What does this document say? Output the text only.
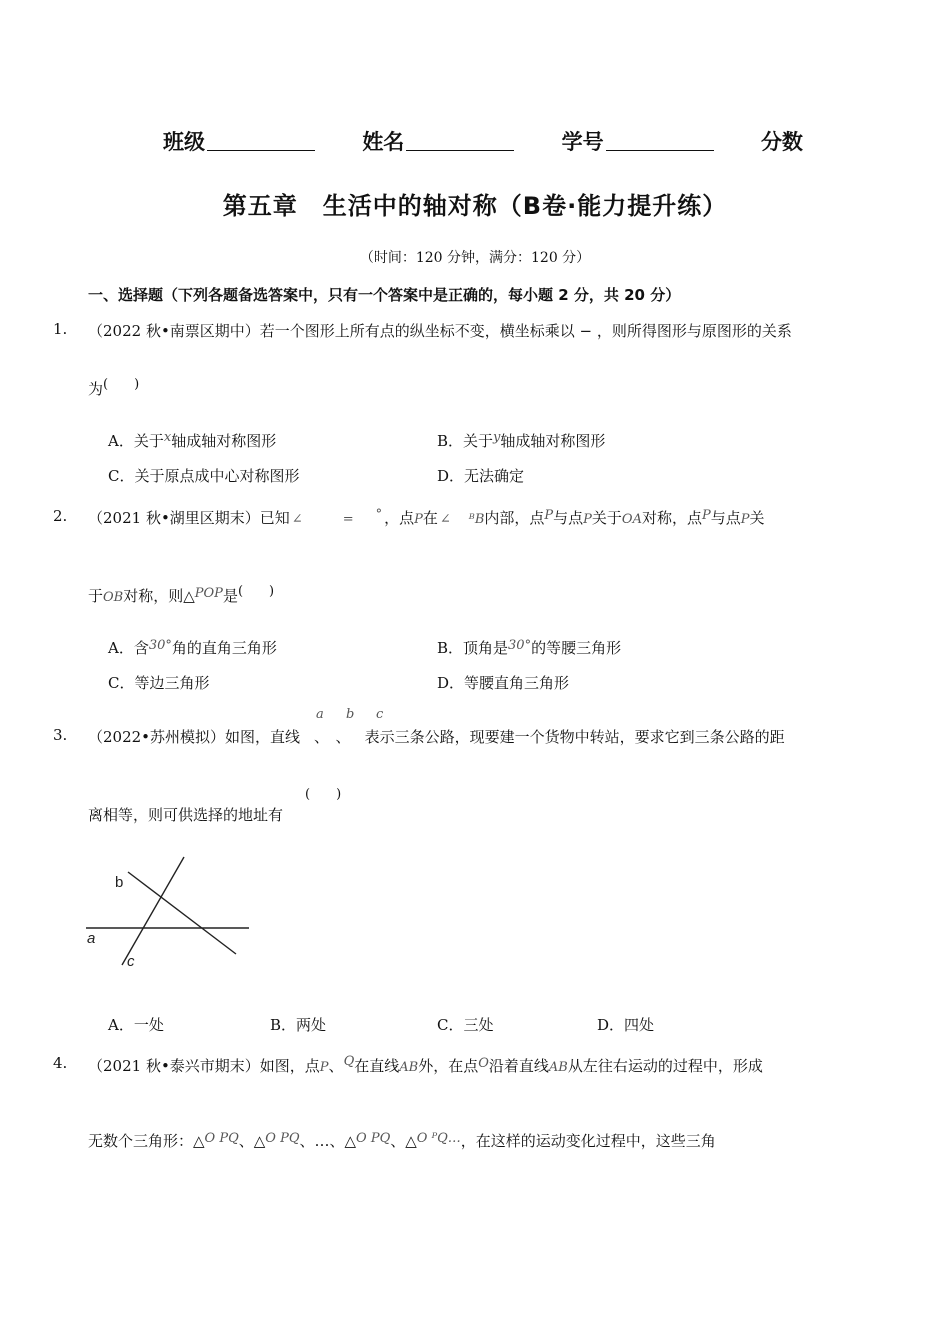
班级	姓名	学号	分数
第五章　生活中的轴对称（B卷·能力提升练）
（时间：120 分钟，满分：120 分）
一、选择题（下列各题备选答案中，只有一个答案中是正确的，每小题 2 分，共 20 分）
1. （2022 秋•南票区期中）若一个图形上所有点的纵坐标不变，横坐标乘以 − ，则所得图形与原图形的关系
为(　　)
A．关于x轴成轴对称图形	B．关于y轴成轴对称图形
C．关于原点成中心对称图形	D．无法确定
2. （2021 秋•湖里区期末）已知 ∠	= ° ，点P在 ∠ ᴮB内部，点P与点P关于OA对称，点P与点P关
于OB对称，则△POP是(　　)
A．含30°角的直角三角形	B．顶角是30°的等腰三角形
C．等边三角形	D．等腰直角三角形
a b c
3. （2022•苏州模拟）如图，直线 、 、 表示三条公路，现要建一个货物中转站，要求它到三条公路的距
(　　)
离相等，则可供选择的地址有
b
a
c
A．一处	B．两处	C．三处	D．四处
4. （2021 秋•泰兴市期末）如图，点P、Q在直线AB外，在点O沿着直线AB从左往右运动的过程中，形成
无数个三角形：△O PQ、△O PQ、…、△O PQ、△O ᴾQ…，在这样的运动变化过程中，这些三角
